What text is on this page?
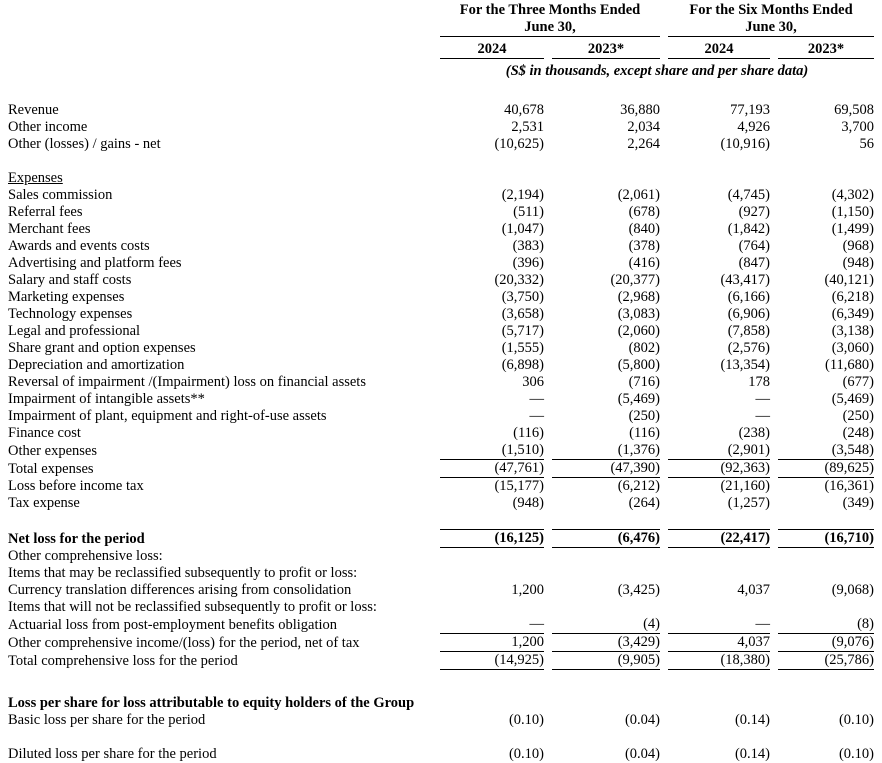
	For the Three Months Ended
June 30,		For the Six Months Ended
June 30,	
	2024	2023*	2024	2023*
	(S$ in thousands, except share and per share data)			

Revenue	40,678	36,880	77,193	69,508
Other income	2,531	2,034	4,926	3,700
Other (losses) / gains - net	(10,625)	2,264	(10,916)	56

Expenses				
Sales commission	(2,194)	(2,061)	(4,745)	(4,302)
Referral fees	(511)	(678)	(927)	(1,150)
Merchant fees	(1,047)	(840)	(1,842)	(1,499)
Awards and events costs	(383)	(378)	(764)	(968)
Advertising and platform fees	(396)	(416)	(847)	(948)
Salary and staff costs	(20,332)	(20,377)	(43,417)	(40,121)
Marketing expenses	(3,750)	(2,968)	(6,166)	(6,218)
Technology expenses	(3,658)	(3,083)	(6,906)	(6,349)
Legal and professional	(5,717)	(2,060)	(7,858)	(3,138)
Share grant and option expenses	(1,555)	(802)	(2,576)	(3,060)
Depreciation and amortization	(6,898)	(5,800)	(13,354)	(11,680)
Reversal of impairment /(Impairment) loss on financial assets	306	(716)	178	(677)
Impairment of intangible assets**	—	(5,469)	—	(5,469)
Impairment of plant, equipment and right-of-use assets	—	(250)	—	(250)
Finance cost	(116)	(116)	(238)	(248)
Other expenses	(1,510)	(1,376)	(2,901)	(3,548)
Total expenses	(47,761)	(47,390)	(92,363)	(89,625)
Loss before income tax	(15,177)	(6,212)	(21,160)	(16,361)
Tax expense	(948)	(264)	(1,257)	(349)

Net loss for the period	(16,125)	(6,476)	(22,417)	(16,710)
Other comprehensive loss:				
Items that may be reclassified subsequently to profit or loss:				
Currency translation differences arising from consolidation	1,200	(3,425)	4,037	(9,068)
Items that will not be reclassified subsequently to profit or loss:				
Actuarial loss from post-employment benefits obligation	—	(4)	—	(8)
Other comprehensive income/(loss) for the period, net of tax	1,200	(3,429)	4,037	(9,076)
Total comprehensive loss for the period	(14,925)	(9,905)	(18,380)	(25,786)

Loss per share for loss attributable to equity holders of the Group				
Basic loss per share for the period	(0.10)	(0.04)	(0.14)	(0.10)

Diluted loss per share for the period	(0.10)	(0.04)	(0.14)	(0.10)
